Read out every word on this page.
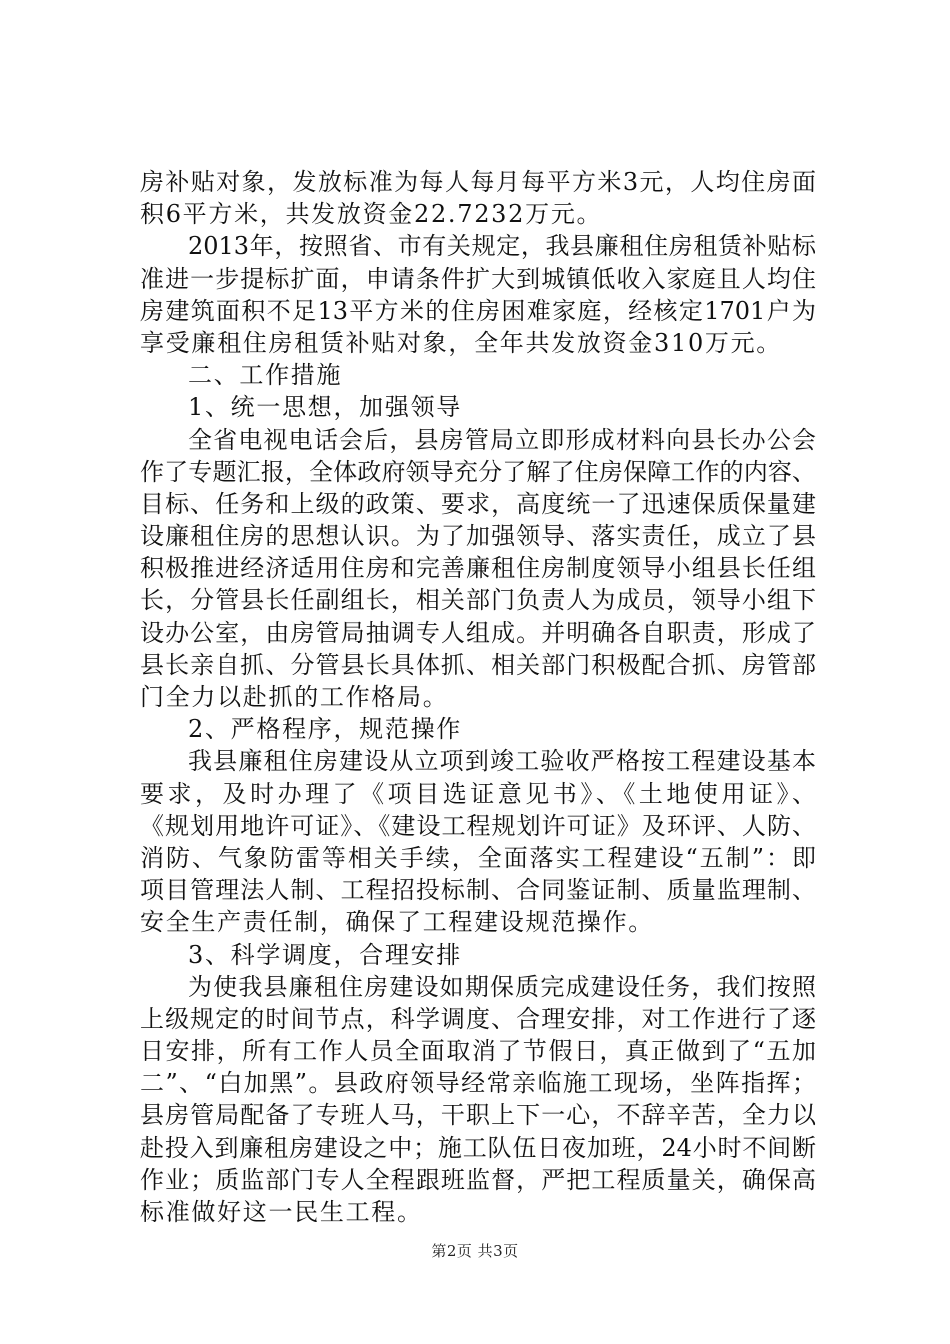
房补贴对象，发放标准为每人每月每平方米3元，人均住房面
积6平方米，共发放资金22.7232万元。
2013年，按照省、市有关规定，我县廉租住房租赁补贴标
准进一步提标扩面，申请条件扩大到城镇低收入家庭且人均住
房建筑面积不足13平方米的住房困难家庭，经核定1701户为
享受廉租住房租赁补贴对象，全年共发放资金310万元。
二、工作措施
1、统一思想，加强领导
全省电视电话会后，县房管局立即形成材料向县长办公会
作了专题汇报，全体政府领导充分了解了住房保障工作的内容、
目标、任务和上级的政策、要求，高度统一了迅速保质保量建
设廉租住房的思想认识。为了加强领导、落实责任，成立了县
积极推进经济适用住房和完善廉租住房制度领导小组县长任组
长，分管县长任副组长，相关部门负责人为成员，领导小组下
设办公室，由房管局抽调专人组成。并明确各自职责，形成了
县长亲自抓、分管县长具体抓、相关部门积极配合抓、房管部
门全力以赴抓的工作格局。
2、严格程序，规范操作
我县廉租住房建设从立项到竣工验收严格按工程建设基本
要求，及时办理了《项目选证意见书》、《土地使用证》、
《规划用地许可证》、《建设工程规划许可证》及环评、人防、
消防、气象防雷等相关手续，全面落实工程建设“五制”：即
项目管理法人制、工程招投标制、合同鉴证制、质量监理制、
安全生产责任制，确保了工程建设规范操作。
3、科学调度，合理安排
为使我县廉租住房建设如期保质完成建设任务，我们按照
上级规定的时间节点，科学调度、合理安排，对工作进行了逐
日安排，所有工作人员全面取消了节假日，真正做到了“五加
二”、“白加黑”。县政府领导经常亲临施工现场，坐阵指挥；
县房管局配备了专班人马，干职上下一心，不辞辛苦，全力以
赴投入到廉租房建设之中；施工队伍日夜加班，24小时不间断
作业；质监部门专人全程跟班监督，严把工程质量关，确保高
标准做好这一民生工程。
第2页 共3页
